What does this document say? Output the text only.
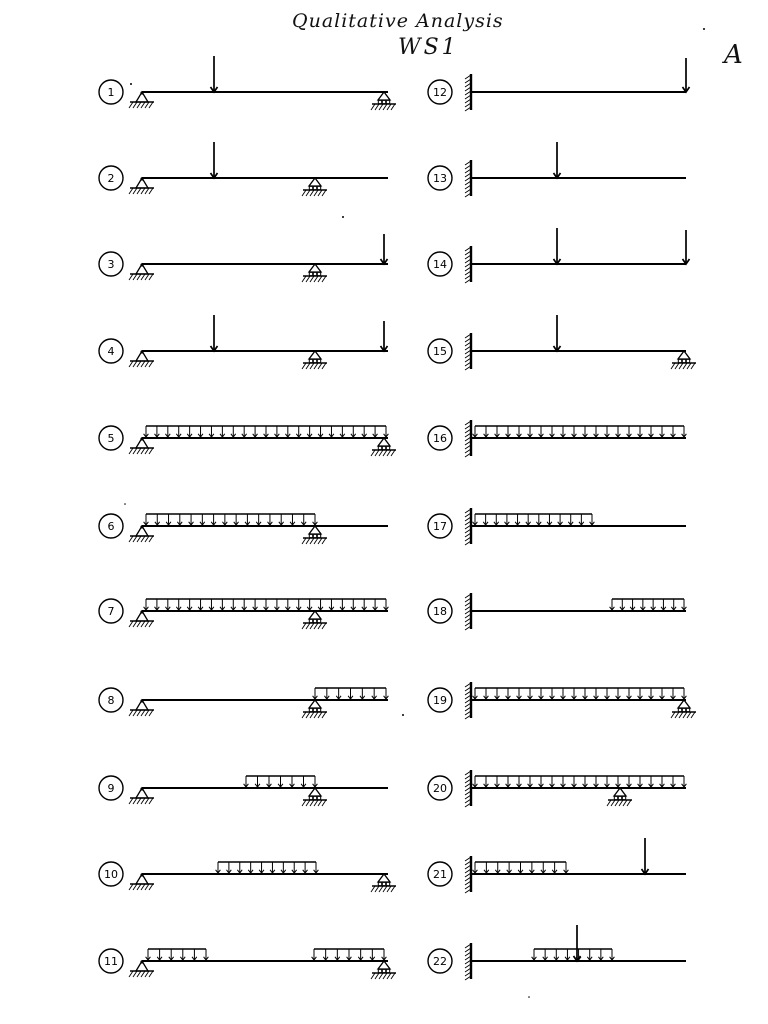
Qualitative Analysis
WS1	A
1
2
3
4
5
6
7
8
9
10
11
12
13
14
15
16
17
18
19
20
21
22
